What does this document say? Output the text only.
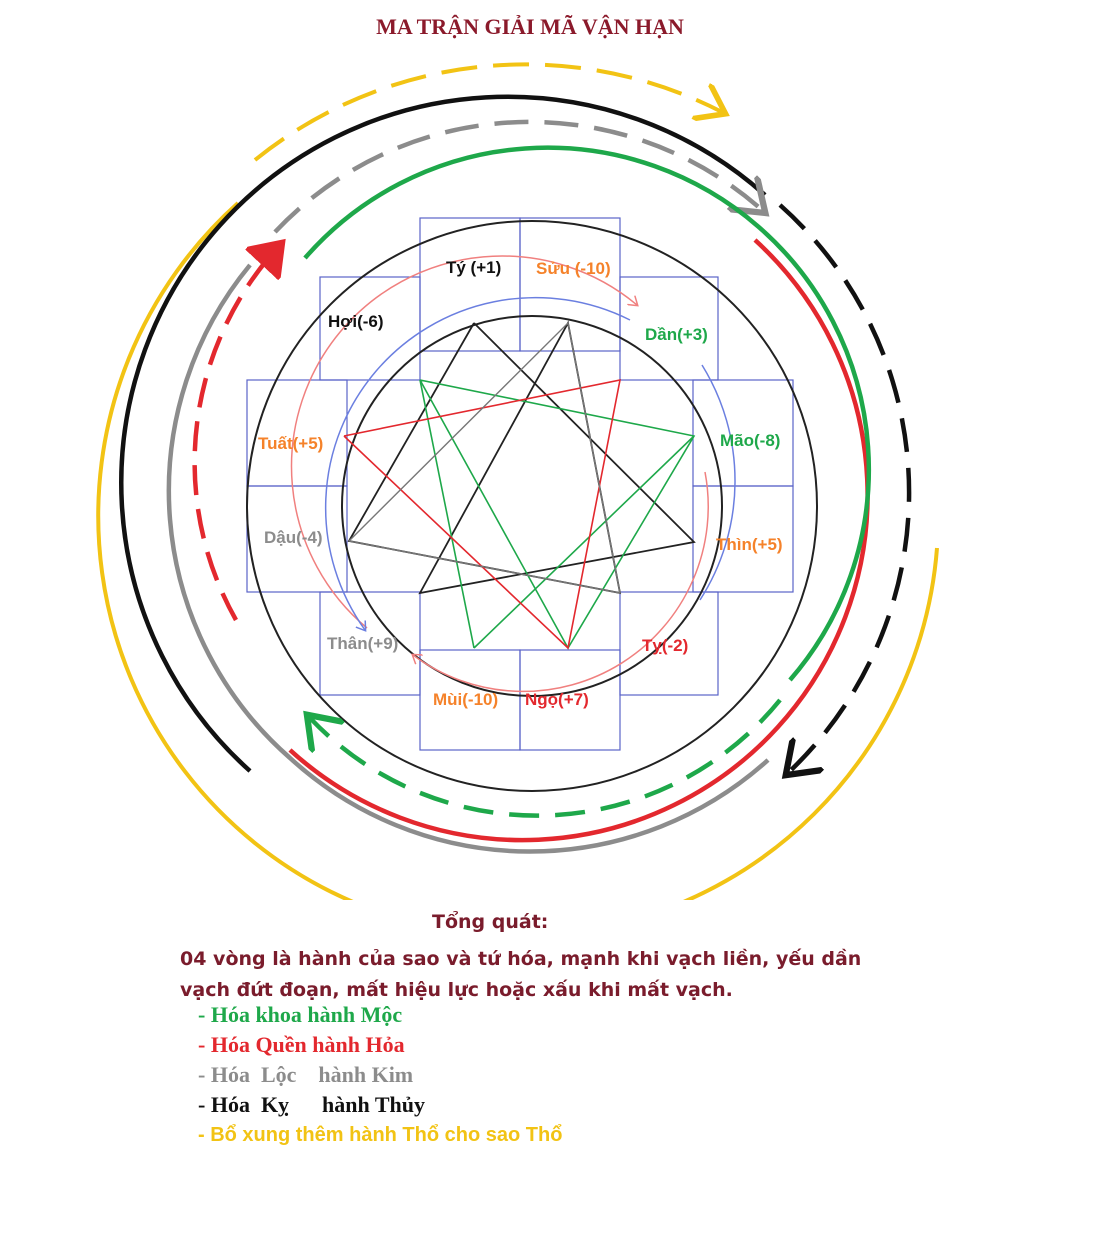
MA TRẬN GIẢI MÃ VẬN HẠN
Tý (+1) Sửu (-10)
Dần(+3)
Mão(-8)
Thìn(+5)
Tỵ(-2)
Ngọ(+7)
Mùi(-10)
Thân(+9)
Dậu(-4)
Tuất(+5)
Hợi(-6)
Tổng quát:
04 vòng là hành của sao và tứ hóa, mạnh khi vạch liền, yếu dần vạch đứt đoạn, mất hiệu lực hoặc xấu khi mất vạch.
- Hóa khoa hành Mộc
- Hóa Quền hành Hỏa
- Hóa  Lộc    hành Kim
- Hóa  Kỵ      hành Thủy
- Bổ xung thêm hành Thổ cho sao Thổ
